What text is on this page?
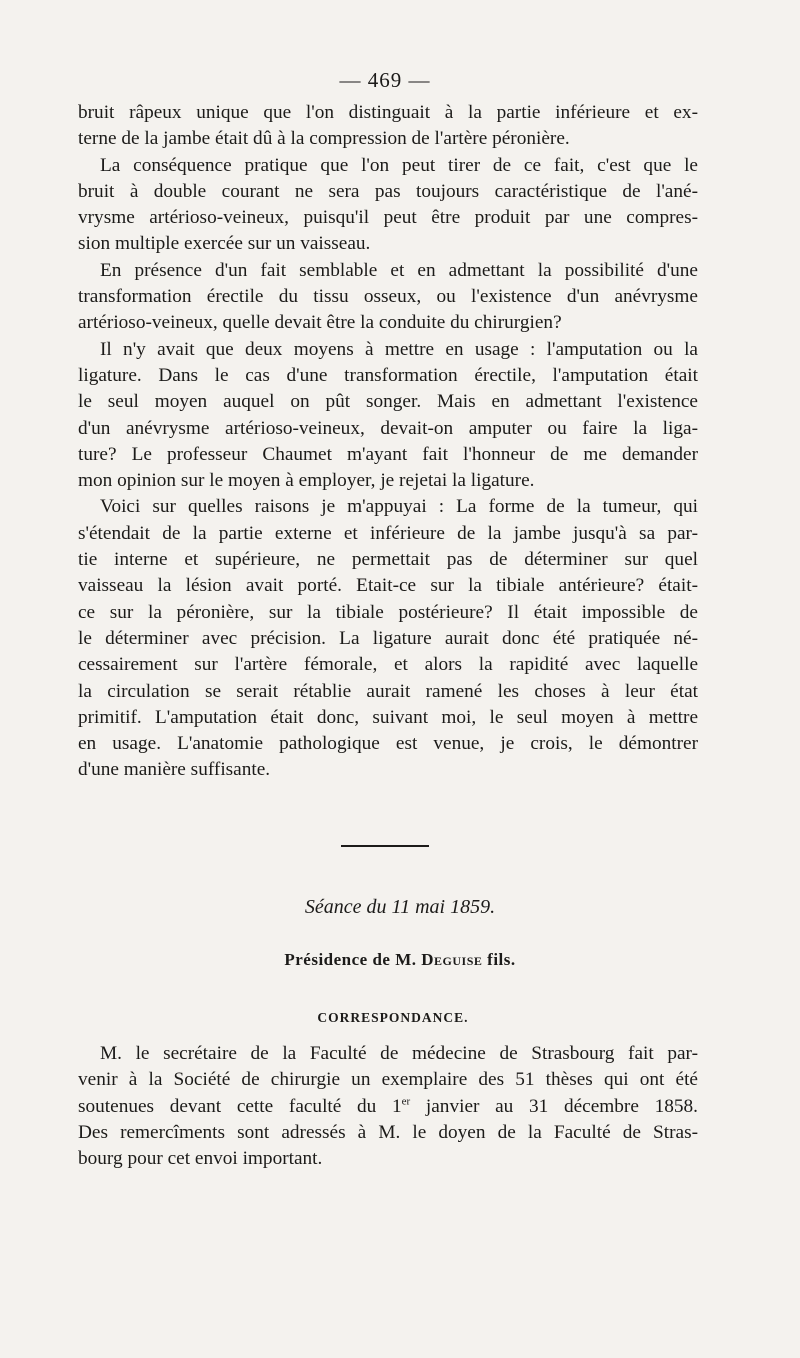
— 469 —
bruit râpeux unique que l'on distinguait à la partie inférieure et ex-
terne de la jambe était dû à la compression de l'artère péronière.
La conséquence pratique que l'on peut tirer de ce fait, c'est que le
bruit à double courant ne sera pas toujours caractéristique de l'ané-
vrysme artérioso-veineux, puisqu'il peut être produit par une compres-
sion multiple exercée sur un vaisseau.
En présence d'un fait semblable et en admettant la possibilité d'une
transformation érectile du tissu osseux, ou l'existence d'un anévrysme
artérioso-veineux, quelle devait être la conduite du chirurgien?
Il n'y avait que deux moyens à mettre en usage : l'amputation ou la
ligature. Dans le cas d'une transformation érectile, l'amputation était
le seul moyen auquel on pût songer. Mais en admettant l'existence
d'un anévrysme artérioso-veineux, devait-on amputer ou faire la liga-
ture? Le professeur Chaumet m'ayant fait l'honneur de me demander
mon opinion sur le moyen à employer, je rejetai la ligature.
Voici sur quelles raisons je m'appuyai : La forme de la tumeur, qui
s'étendait de la partie externe et inférieure de la jambe jusqu'à sa par-
tie interne et supérieure, ne permettait pas de déterminer sur quel
vaisseau la lésion avait porté. Etait-ce sur la tibiale antérieure? était-
ce sur la péronière, sur la tibiale postérieure? Il était impossible de
le déterminer avec précision. La ligature aurait donc été pratiquée né-
cessairement sur l'artère fémorale, et alors la rapidité avec laquelle
la circulation se serait rétablie aurait ramené les choses à leur état
primitif. L'amputation était donc, suivant moi, le seul moyen à mettre
en usage. L'anatomie pathologique est venue, je crois, le démontrer
d'une manière suffisante.
Séance du 11 mai 1859.
Présidence de M. Deguise fils.
CORRESPONDANCE.
M. le secrétaire de la Faculté de médecine de Strasbourg fait par-
venir à la Société de chirurgie un exemplaire des 51 thèses qui ont été
soutenues devant cette faculté du 1er janvier au 31 décembre 1858.
Des remercîments sont adressés à M. le doyen de la Faculté de Stras-
bourg pour cet envoi important.
